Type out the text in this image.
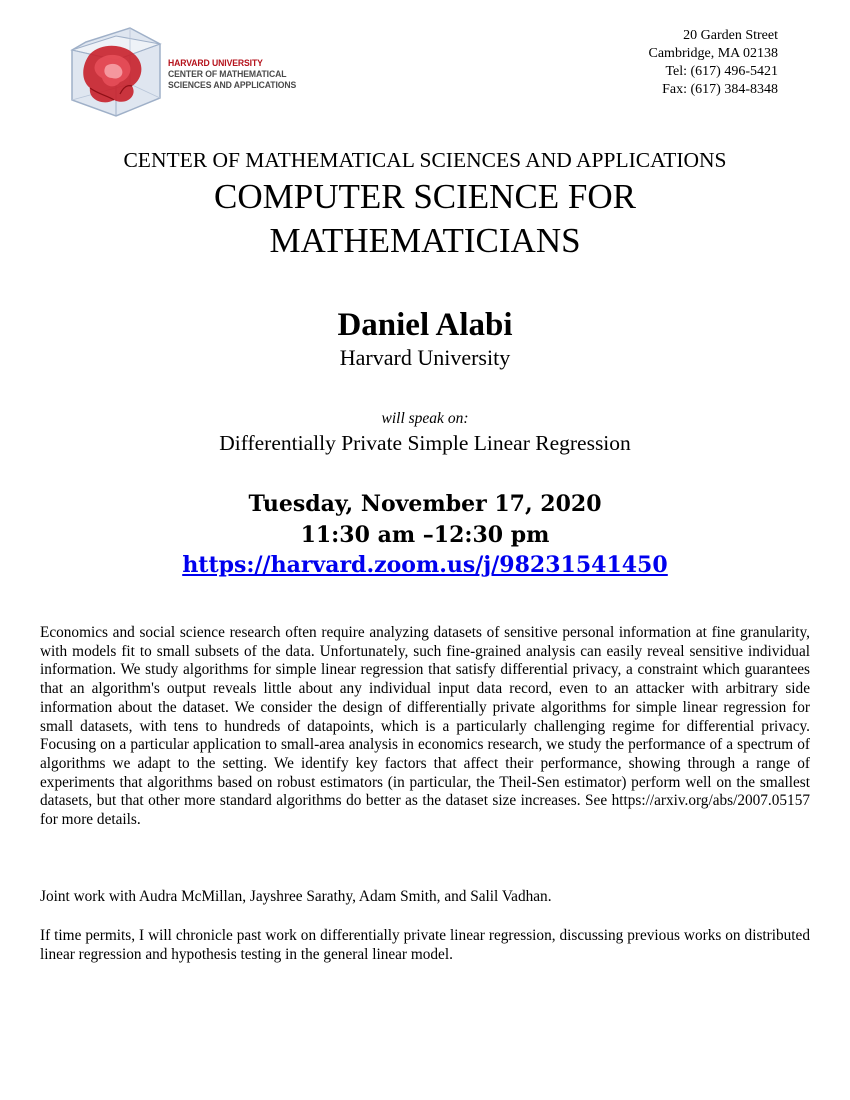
HARVARD UNIVERSITY
CENTER OF MATHEMATICAL
SCIENCES AND APPLICATIONS
20 Garden Street
Cambridge, MA 02138
Tel: (617) 496-5421
Fax: (617) 384-8348
CENTER OF MATHEMATICAL SCIENCES AND APPLICATIONS
COMPUTER SCIENCE FOR
MATHEMATICIANS
Daniel Alabi
Harvard University
will speak on:
Differentially Private Simple Linear Regression
Tuesday, November 17, 2020
11:30 am –12:30 pm
https://harvard.zoom.us/j/98231541450
Economics and social science research often require analyzing datasets of sensitive personal information at fine granularity, with models fit to small subsets of the data. Unfortunately, such fine-grained analysis can easily reveal sensitive individual information. We study algorithms for simple linear regression that satisfy differential privacy, a constraint which guarantees that an algorithm's output reveals little about any individual input data record, even to an attacker with arbitrary side information about the dataset. We consider the design of differentially private algorithms for simple linear regression for small datasets, with tens to hundreds of datapoints, which is a particularly challenging regime for differential privacy. Focusing on a particular application to small-area analysis in economics research, we study the performance of a spectrum of algorithms we adapt to the setting. We identify key factors that affect their performance, showing through a range of experiments that algorithms based on robust estimators (in particular, the Theil-Sen estimator) perform well on the smallest datasets, but that other more standard algorithms do better as the dataset size increases. See https://arxiv.org/abs/2007.05157 for more details.
Joint work with Audra McMillan, Jayshree Sarathy, Adam Smith, and Salil Vadhan.
If time permits, I will chronicle past work on differentially private linear regression, discussing previous works on distributed linear regression and hypothesis testing in the general linear model.
